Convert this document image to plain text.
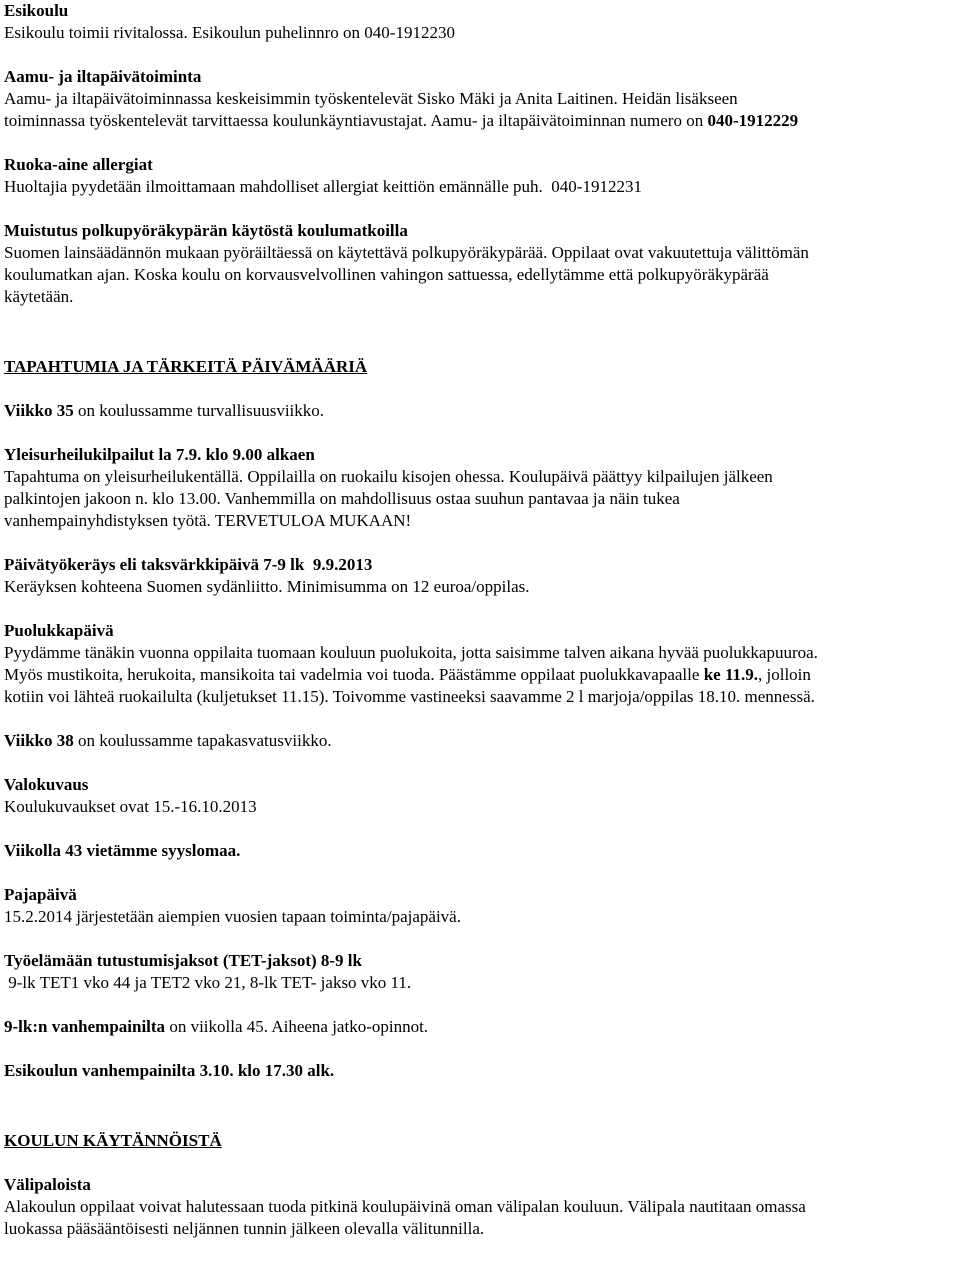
Esikoulu
Esikoulu toimii rivitalossa. Esikoulun puhelinnro on 040-1912230
Aamu- ja iltapäivätoiminta
Aamu- ja iltapäivätoiminnassa keskeisimmin työskentelevät Sisko Mäki ja Anita Laitinen. Heidän lisäkseen
toiminnassa työskentelevät tarvittaessa koulunkäyntiavustajat. Aamu- ja iltapäivätoiminnan numero on 040-1912229
Ruoka-aine allergiat
Huoltajia pyydetään ilmoittamaan mahdolliset allergiat keittiön emännälle puh.  040-1912231
Muistutus polkupyöräkypärän käytöstä koulumatkoilla
Suomen lainsäädännön mukaan pyöräiltäessä on käytettävä polkupyöräkypärää. Oppilaat ovat vakuutettuja välittömän
koulumatkan ajan. Koska koulu on korvausvelvollinen vahingon sattuessa, edellytämme että polkupyöräkypärää
käytetään.
TAPAHTUMIA JA TÄRKEITÄ PÄIVÄMÄÄRIÄ
Viikko 35 on koulussamme turvallisuusviikko.
Yleisurheilukilpailut la 7.9. klo 9.00 alkaen
Tapahtuma on yleisurheilukentällä. Oppilailla on ruokailu kisojen ohessa. Koulupäivä päättyy kilpailujen jälkeen
palkintojen jakoon n. klo 13.00. Vanhemmilla on mahdollisuus ostaa suuhun pantavaa ja näin tukea
vanhempainyhdistyksen työtä. TERVETULOA MUKAAN!
Päivätyökeräys eli taksvärkkipäivä 7-9 lk  9.9.2013
Keräyksen kohteena Suomen sydänliitto. Minimisumma on 12 euroa/oppilas.
Puolukkapäivä
Pyydämme tänäkin vuonna oppilaita tuomaan kouluun puolukoita, jotta saisimme talven aikana hyvää puolukkapuuroa.
Myös mustikoita, herukoita, mansikoita tai vadelmia voi tuoda. Päästämme oppilaat puolukkavapaalle ke 11.9., jolloin
kotiin voi lähteä ruokailulta (kuljetukset 11.15). Toivomme vastineeksi saavamme 2 l marjoja/oppilas 18.10. mennessä.
Viikko 38 on koulussamme tapakasvatusviikko.
Valokuvaus
Koulukuvaukset ovat 15.-16.10.2013
Viikolla 43 vietämme syyslomaa.
Pajapäivä
15.2.2014 järjestetään aiempien vuosien tapaan toiminta/pajapäivä.
Työelämään tutustumisjaksot (TET-jaksot) 8-9 lk
9-lk TET1 vko 44 ja TET2 vko 21, 8-lk TET- jakso vko 11.
9-lk:n vanhempainilta on viikolla 45. Aiheena jatko-opinnot.
Esikoulun vanhempainilta 3.10. klo 17.30 alk.
KOULUN KÄYTÄNNÖISTÄ
Välipaloista
Alakoulun oppilaat voivat halutessaan tuoda pitkinä koulupäivinä oman välipalan kouluun. Välipala nautitaan omassa
luokassa pääsääntöisesti neljännen tunnin jälkeen olevalla välitunnilla.
